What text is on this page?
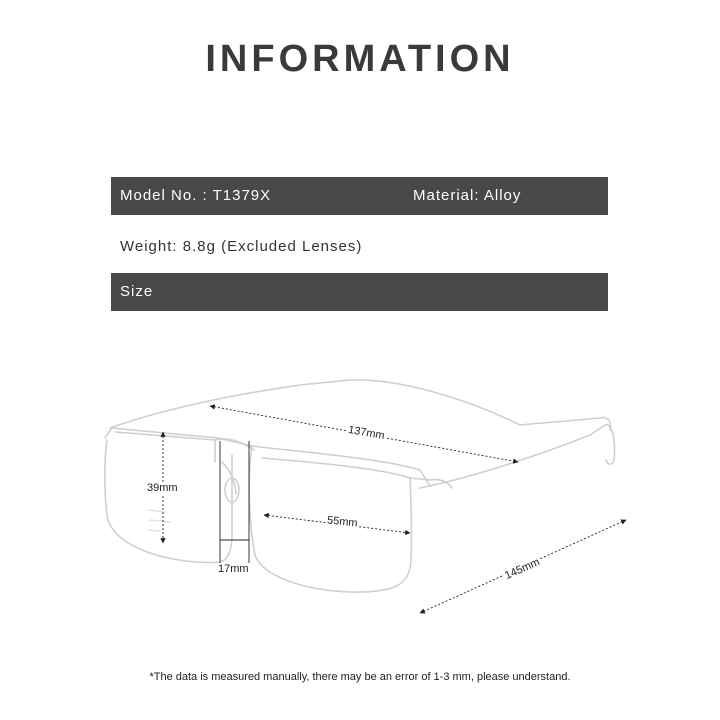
INFORMATION
Model No. : T1379X	Material: Alloy
Weight: 8.8g (Excluded Lenses)
Size
137mm
39mm
55mm
17mm	145mm
*The data is measured manually, there may be an error of 1-3 mm, please understand.
